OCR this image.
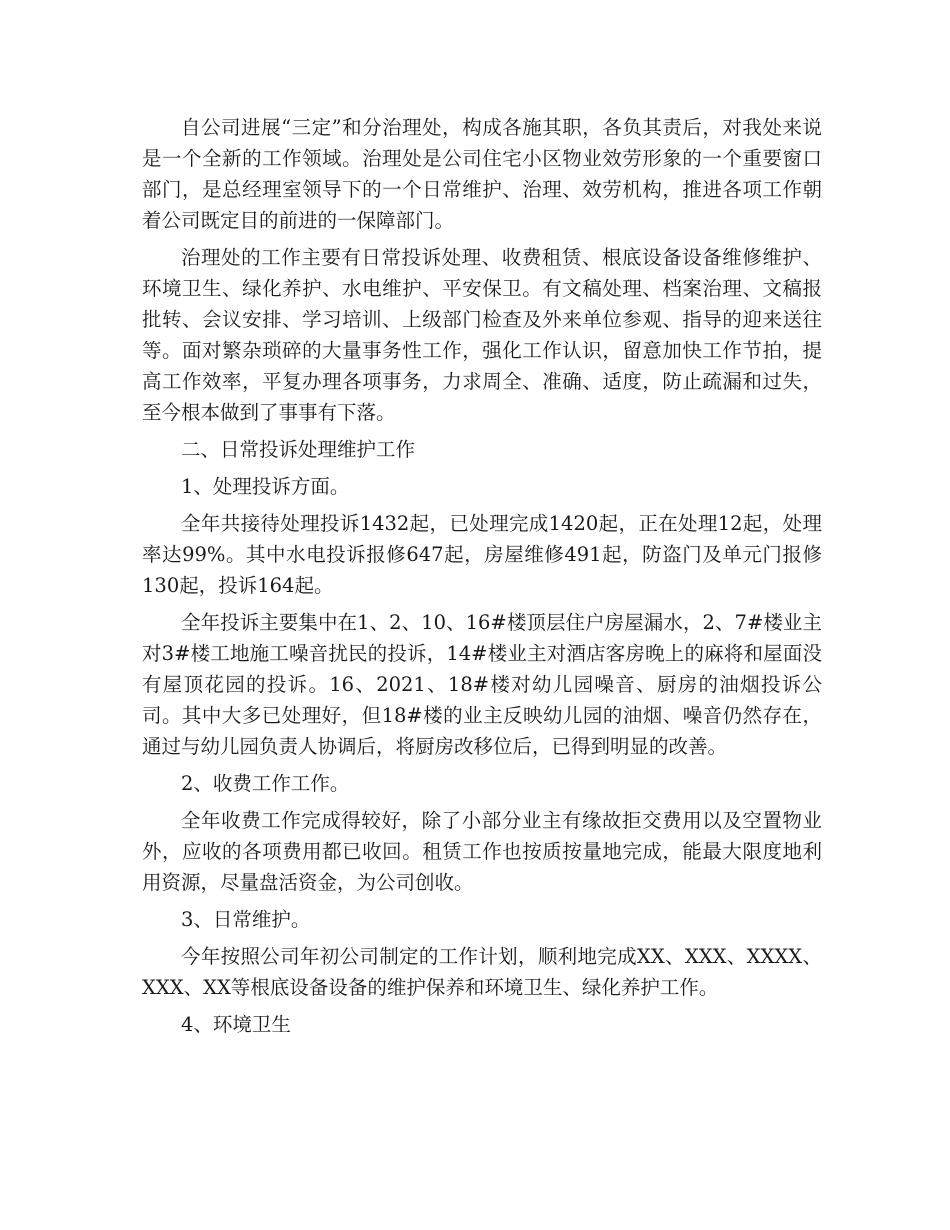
自公司进展“三定”和分治理处，构成各施其职，各负其责后，对我处来说是一个全新的工作领域。治理处是公司住宅小区物业效劳形象的一个重要窗口部门，是总经理室领导下的一个日常维护、治理、效劳机构，推进各项工作朝着公司既定目的前进的一保障部门。

治理处的工作主要有日常投诉处理、收费租赁、根底设备设备维修维护、环境卫生、绿化养护、水电维护、平安保卫。有文稿处理、档案治理、文稿报批转、会议安排、学习培训、上级部门检查及外来单位参观、指导的迎来送往等。面对繁杂琐碎的大量事务性工作，强化工作认识，留意加快工作节拍，提高工作效率，平复办理各项事务，力求周全、准确、适度，防止疏漏和过失，至今根本做到了事事有下落。

二、日常投诉处理维护工作

1、处理投诉方面。

全年共接待处理投诉1432起，已处理完成1420起，正在处理12起，处理率达99%。其中水电投诉报修647起，房屋维修491起，防盗门及单元门报修130起，投诉164起。

全年投诉主要集中在1、2、10、16#楼顶层住户房屋漏水，2、7#楼业主对3#楼工地施工噪音扰民的投诉，14#楼业主对酒店客房晚上的麻将和屋面没有屋顶花园的投诉。16、2021、18#楼对幼儿园噪音、厨房的油烟投诉公司。其中大多已处理好，但18#楼的业主反映幼儿园的油烟、噪音仍然存在，通过与幼儿园负责人协调后，将厨房改移位后，已得到明显的改善。

2、收费工作工作。

全年收费工作完成得较好，除了小部分业主有缘故拒交费用以及空置物业外，应收的各项费用都已收回。租赁工作也按质按量地完成，能最大限度地利用资源，尽量盘活资金，为公司创收。

3、日常维护。

今年按照公司年初公司制定的工作计划，顺利地完成XX、XXX、XXXX、XXX、XX等根底设备设备的维护保养和环境卫生、绿化养护工作。

4、环境卫生
